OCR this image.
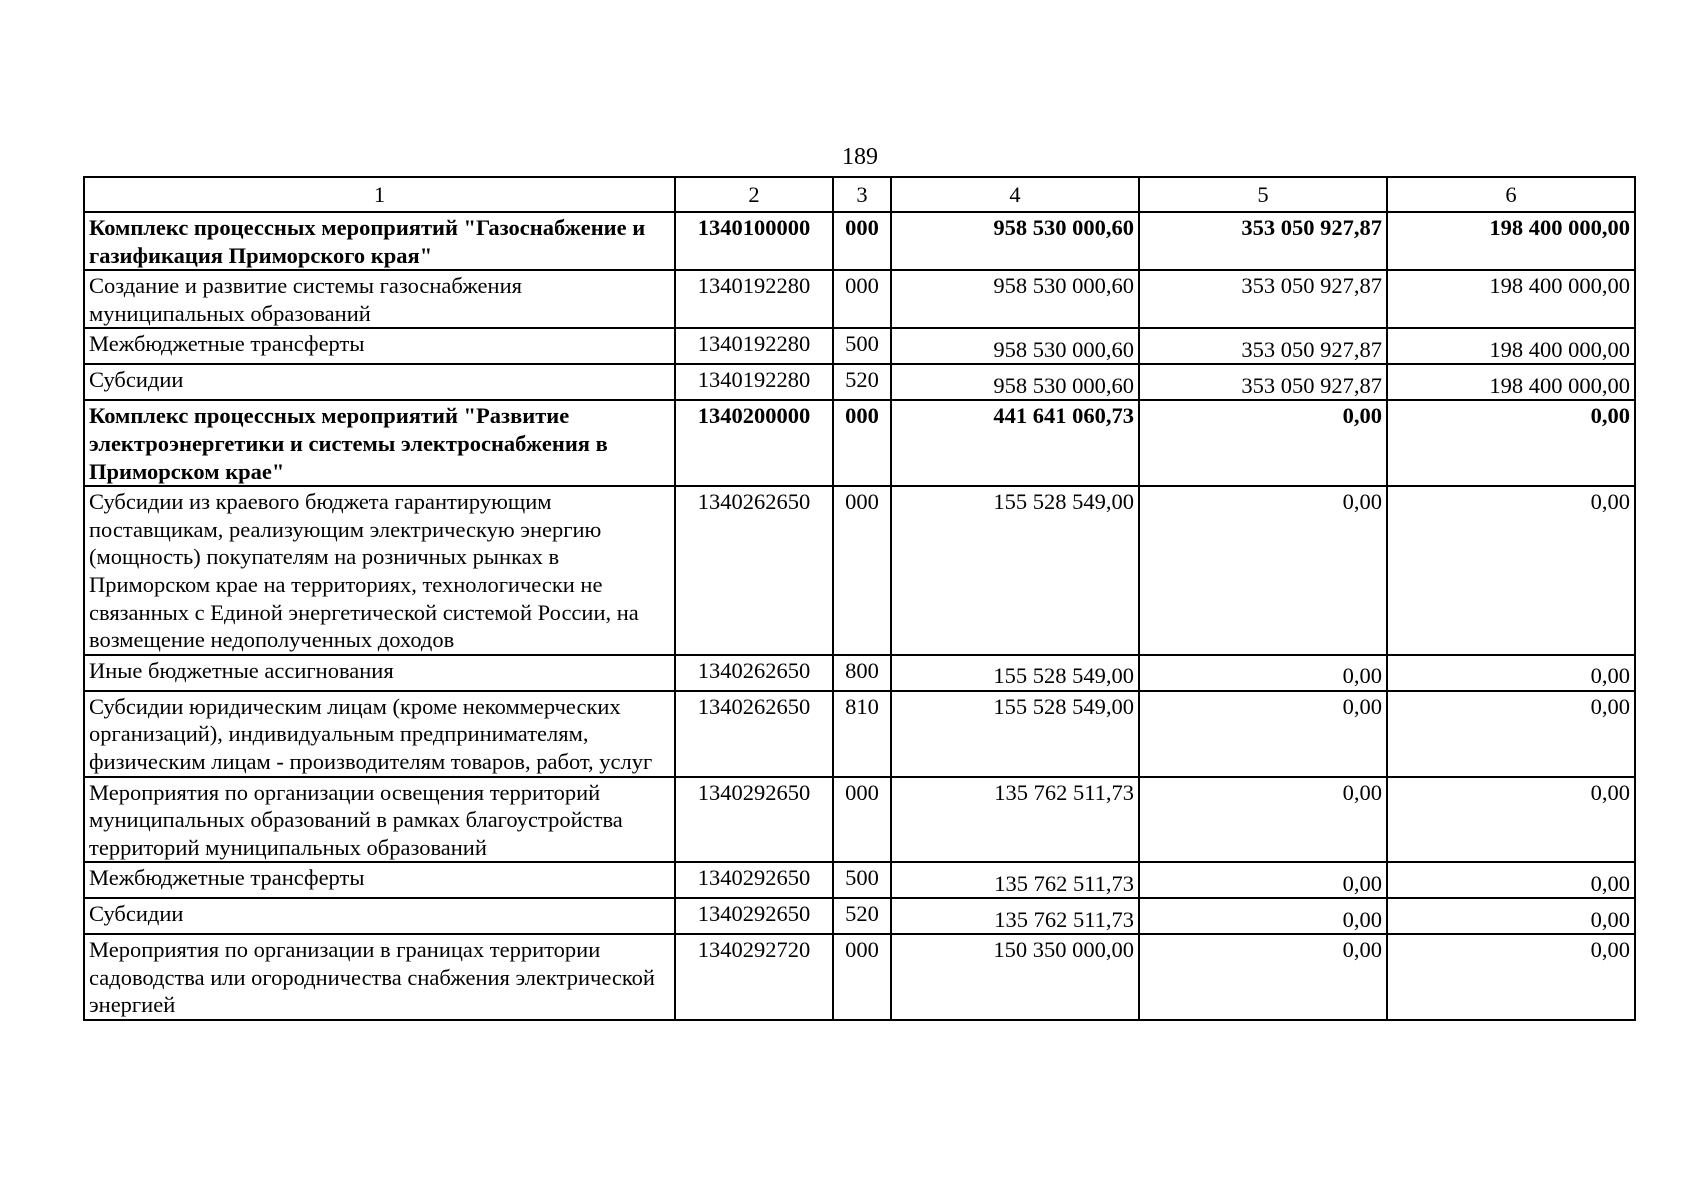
189
1	2	3	4	5	6
Комплекс процессных мероприятий "Газоснабжение и газификация Приморского края"	1340100000	000	958 530 000,60	353 050 927,87	198 400 000,00
Создание и развитие системы газоснабжения муниципальных образований	1340192280	000	958 530 000,60	353 050 927,87	198 400 000,00
Межбюджетные трансферты	1340192280	500	958 530 000,60	353 050 927,87	198 400 000,00
Субсидии	1340192280	520	958 530 000,60	353 050 927,87	198 400 000,00
Комплекс процессных мероприятий "Развитие электроэнергетики и системы электроснабжения в Приморском крае"	1340200000	000	441 641 060,73	0,00	0,00
Субсидии из краевого бюджета гарантирующим поставщикам, реализующим электрическую энергию (мощность) покупателям на розничных рынках в Приморском крае на территориях, технологически не связанных с Единой энергетической системой России, на возмещение недополученных доходов	1340262650	000	155 528 549,00	0,00	0,00
Иные бюджетные ассигнования	1340262650	800	155 528 549,00	0,00	0,00
Субсидии юридическим лицам (кроме некоммерческих организаций), индивидуальным предпринимателям, физическим лицам - производителям товаров, работ, услуг	1340262650	810	155 528 549,00	0,00	0,00
Мероприятия по организации освещения территорий муниципальных образований в рамках благоустройства территорий муниципальных образований	1340292650	000	135 762 511,73	0,00	0,00
Межбюджетные трансферты	1340292650	500	135 762 511,73	0,00	0,00
Субсидии	1340292650	520	135 762 511,73	0,00	0,00
Мероприятия по организации в границах территории садоводства или огородничества снабжения электрической энергией	1340292720	000	150 350 000,00	0,00	0,00
